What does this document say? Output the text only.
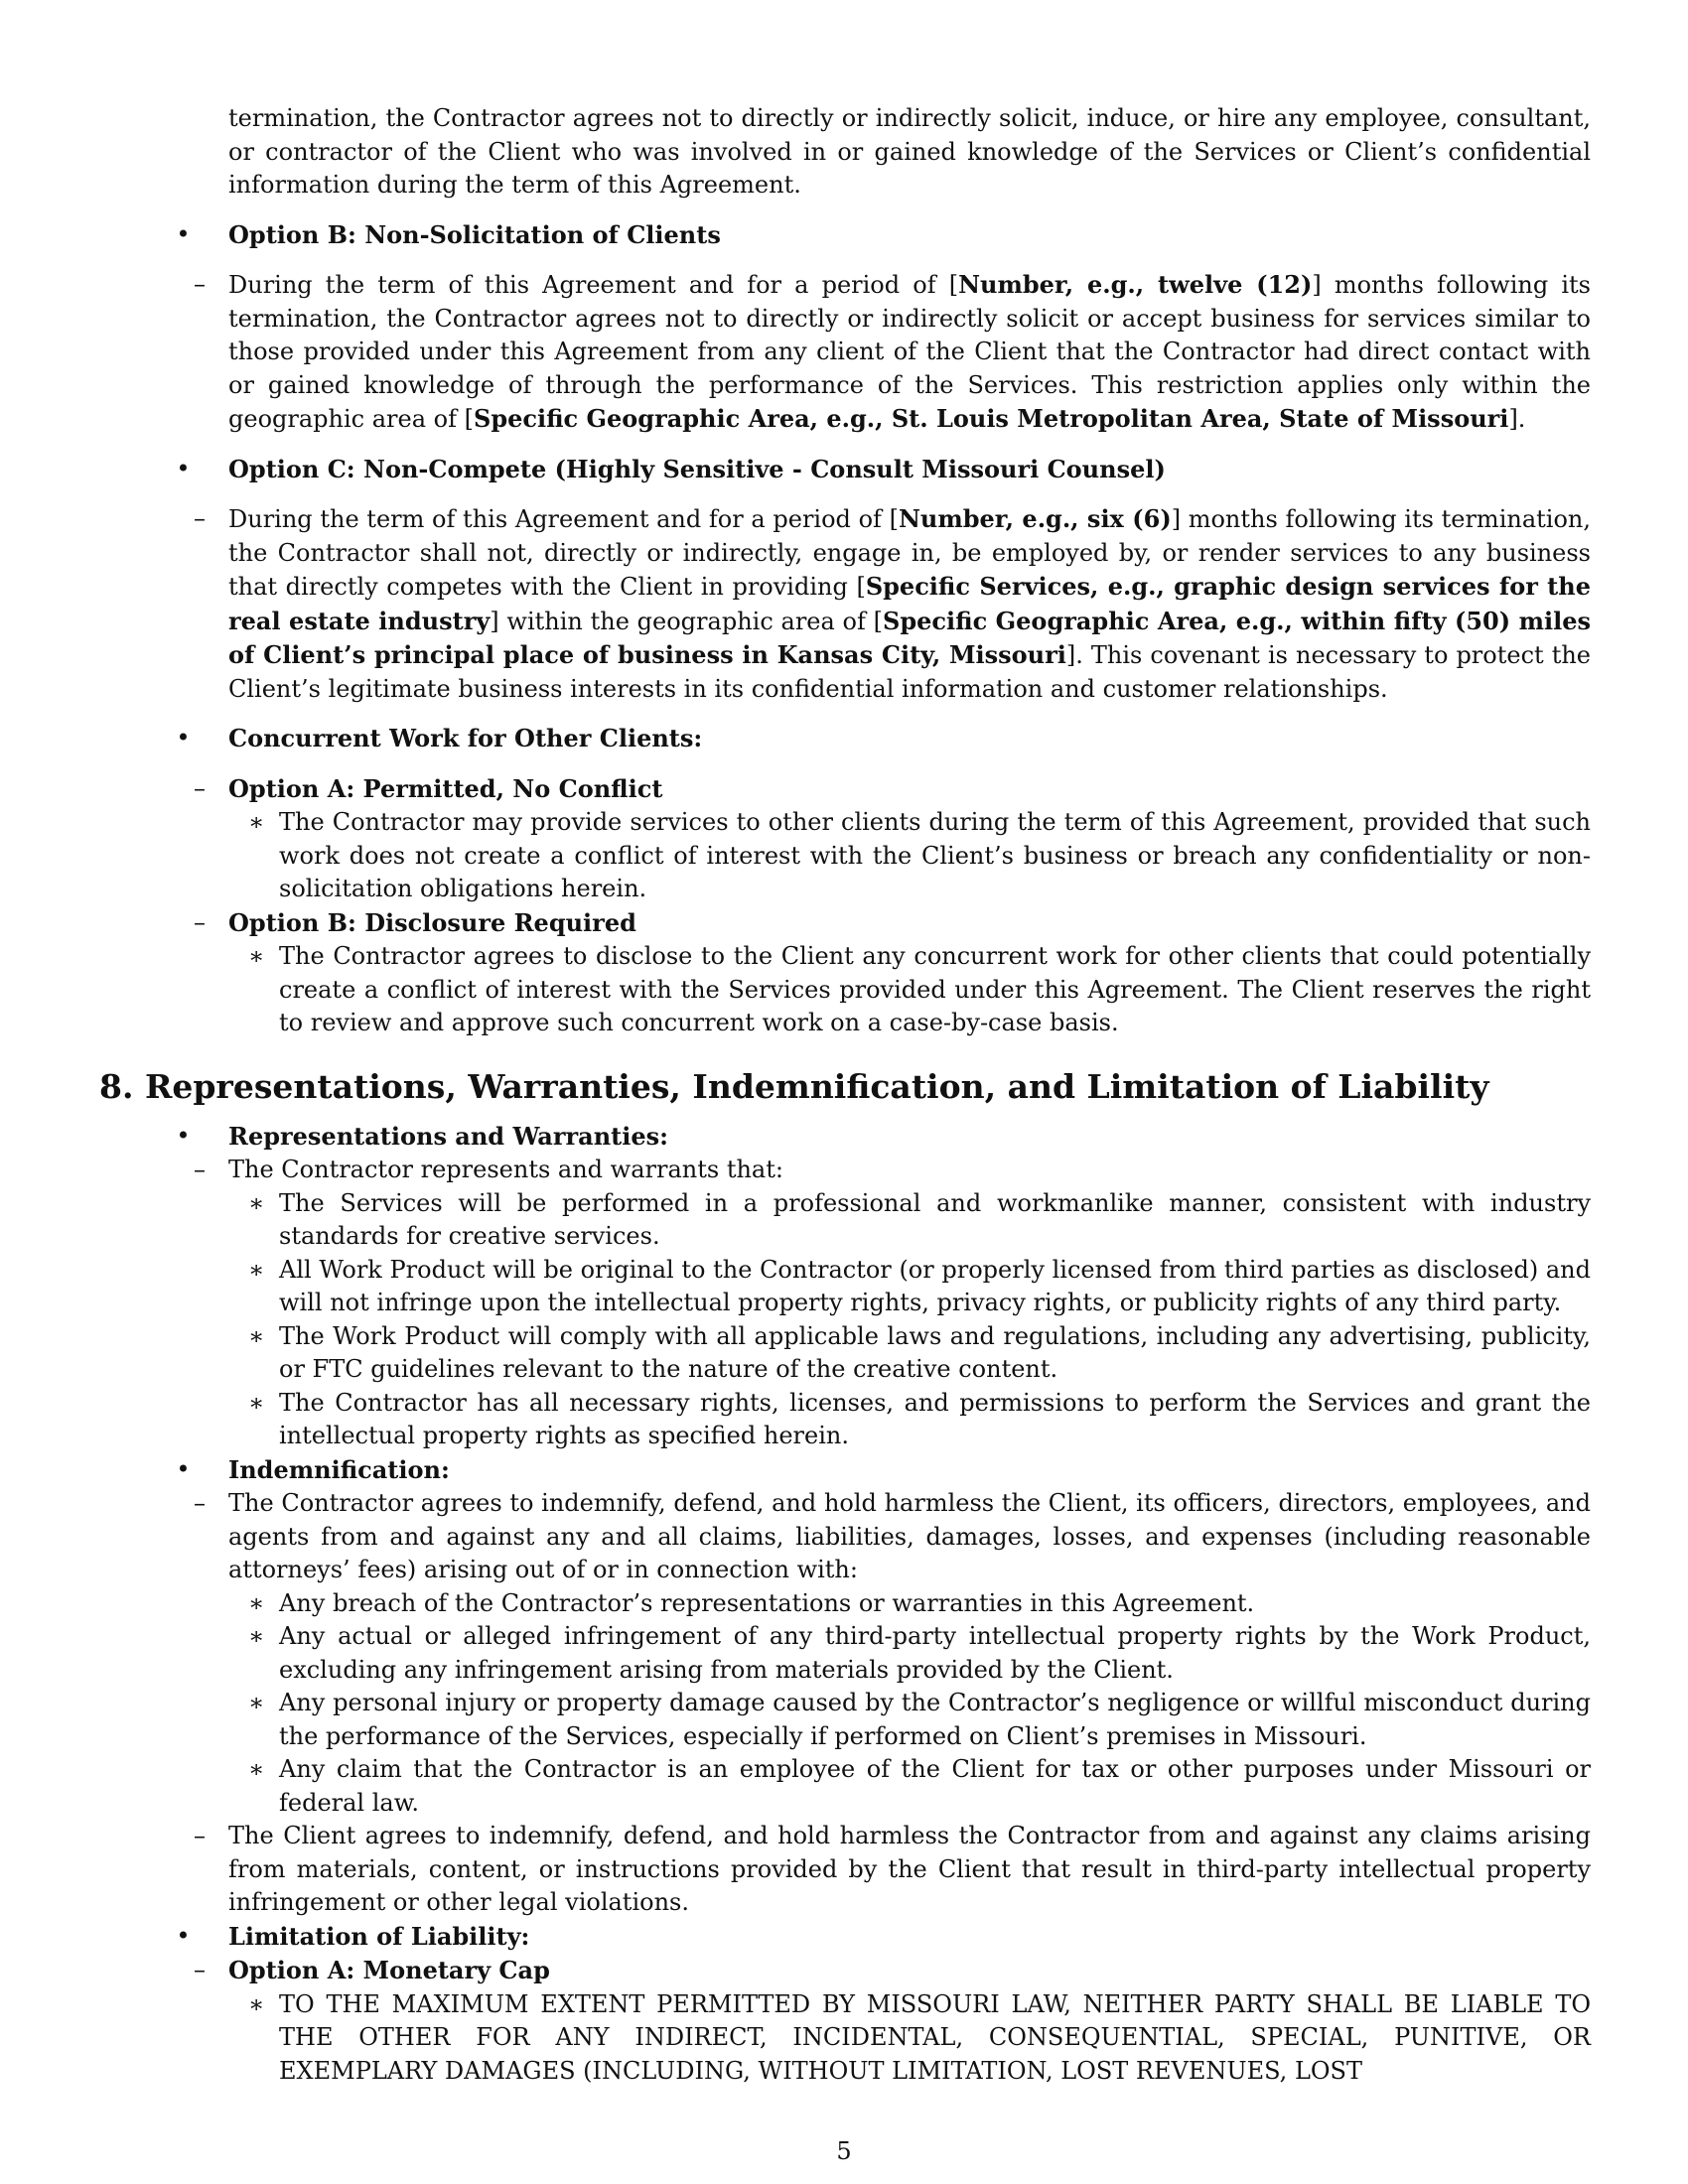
termination, the Contractor agrees not to directly or indirectly solicit, induce, or hire any employee, consultant, or contractor of the Client who was involved in or gained knowledge of the Services or Client’s confidential information during the term of this Agreement.
•	Option B: Non-Solicitation of Clients
– During the term of this Agreement and for a period of [Number, e.g., twelve (12)] months following its termination, the Contractor agrees not to directly or indirectly solicit or accept business for services similar to those provided under this Agreement from any client of the Client that the Contractor had direct contact with or gained knowledge of through the performance of the Services. This restriction applies only within the geographic area of [Specific Geographic Area, e.g., St. Louis Metropolitan Area, State of Missouri].
•	Option C: Non-Compete (Highly Sensitive - Consult Missouri Counsel)
– During the term of this Agreement and for a period of [Number, e.g., six (6)] months following its termination, the Contractor shall not, directly or indirectly, engage in, be employed by, or render services to any business that directly competes with the Client in providing [Specific Services, e.g., graphic design services for the real estate industry] within the geographic area of [Specific Geographic Area, e.g., within fifty (50) miles of Client’s principal place of business in Kansas City, Missouri]. This covenant is necessary to protect the Client’s legitimate business interests in its confidential information and customer relationships.
•	Concurrent Work for Other Clients:
– Option A: Permitted, No Conflict
∗ The Contractor may provide services to other clients during the term of this Agreement, provided that such work does not create a conflict of interest with the Client’s business or breach any confidentiality or non-solicitation obligations herein.
– Option B: Disclosure Required
∗ The Contractor agrees to disclose to the Client any concurrent work for other clients that could potentially create a conflict of interest with the Services provided under this Agreement. The Client reserves the right to review and approve such concurrent work on a case-by-case basis.
8. Representations, Warranties, Indemnification, and Limitation of Liability
•	Representations and Warranties:
– The Contractor represents and warrants that:
∗ The Services will be performed in a professional and workmanlike manner, consistent with industry standards for creative services.
∗ All Work Product will be original to the Contractor (or properly licensed from third parties as disclosed) and will not infringe upon the intellectual property rights, privacy rights, or publicity rights of any third party.
∗ The Work Product will comply with all applicable laws and regulations, including any advertising, publicity, or FTC guidelines relevant to the nature of the creative content.
∗ The Contractor has all necessary rights, licenses, and permissions to perform the Services and grant the intellectual property rights as specified herein.
•	Indemnification:
– The Contractor agrees to indemnify, defend, and hold harmless the Client, its officers, directors, employees, and agents from and against any and all claims, liabilities, damages, losses, and expenses (including reasonable attorneys’ fees) arising out of or in connection with:
∗ Any breach of the Contractor’s representations or warranties in this Agreement.
∗ Any actual or alleged infringement of any third-party intellectual property rights by the Work Product, excluding any infringement arising from materials provided by the Client.
∗ Any personal injury or property damage caused by the Contractor’s negligence or willful misconduct during the performance of the Services, especially if performed on Client’s premises in Missouri.
∗ Any claim that the Contractor is an employee of the Client for tax or other purposes under Missouri or federal law.
– The Client agrees to indemnify, defend, and hold harmless the Contractor from and against any claims arising from materials, content, or instructions provided by the Client that result in third-party intellectual property infringement or other legal violations.
•	Limitation of Liability:
– Option A: Monetary Cap
∗ TO THE MAXIMUM EXTENT PERMITTED BY MISSOURI LAW, NEITHER PARTY SHALL BE LIABLE TO THE OTHER FOR ANY INDIRECT, INCIDENTAL, CONSEQUENTIAL, SPECIAL, PUNITIVE, OR EXEMPLARY DAMAGES (INCLUDING, WITHOUT LIMITATION, LOST REVENUES, LOST
5
